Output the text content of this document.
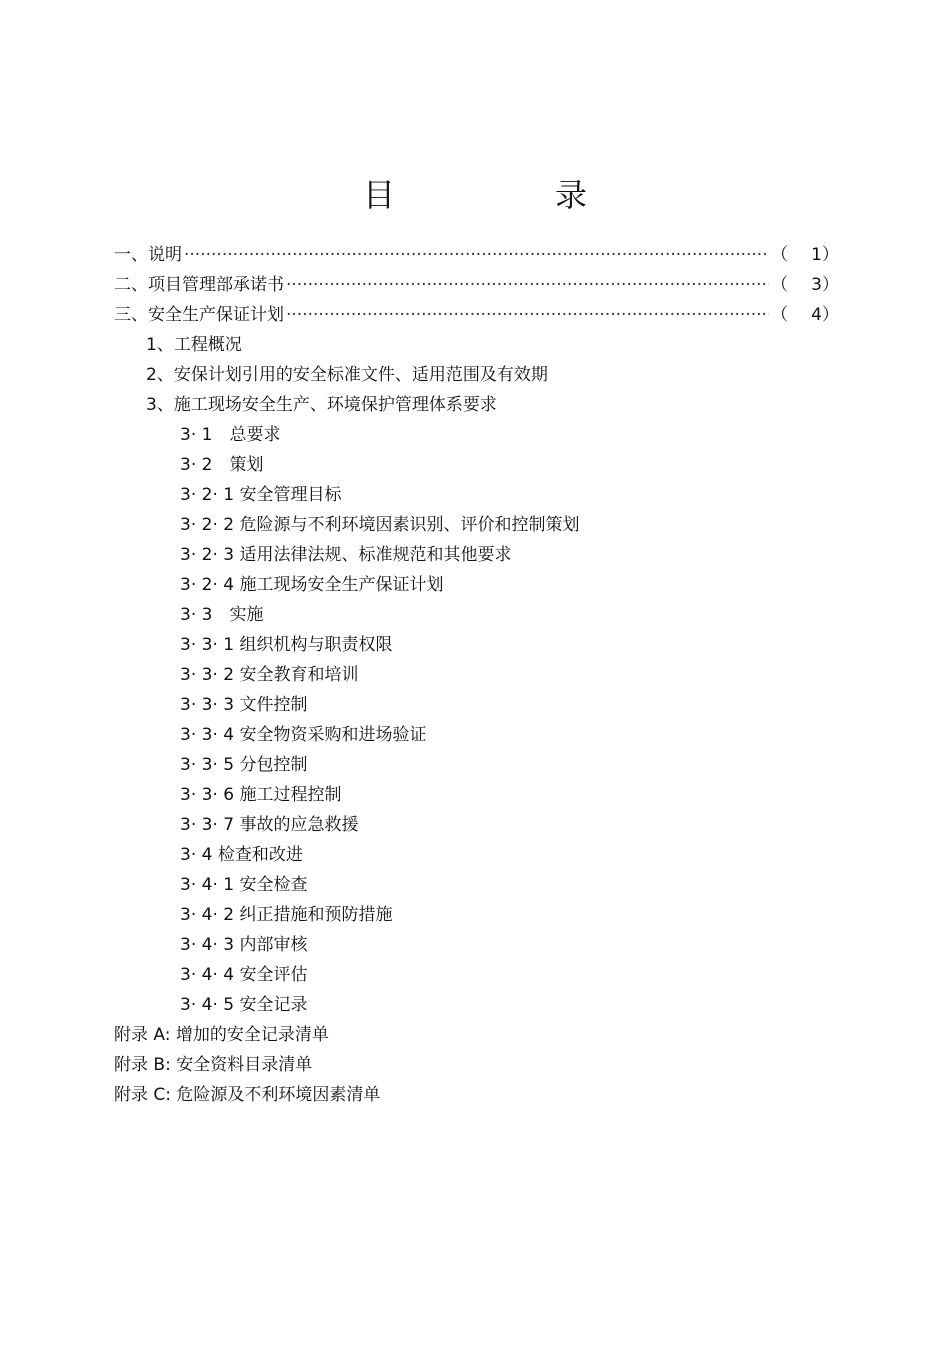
目　录
一、说明 ·····	（	1）
二、项目管理部承诺书 ·····	（	3）
三、安全生产保证计划 ·····	（	4）
1、工程概况
2、安保计划引用的安全标准文件、适用范围及有效期
3、施工现场安全生产、环境保护管理体系要求
3· 1　总要求
3· 2　策划
3· 2· 1 安全管理目标
3· 2· 2 危险源与不利环境因素识别、评价和控制策划
3· 2· 3 适用法律法规、标准规范和其他要求
3· 2· 4 施工现场安全生产保证计划
3· 3　实施
3· 3· 1 组织机构与职责权限
3· 3· 2 安全教育和培训
3· 3· 3 文件控制
3· 3· 4 安全物资采购和进场验证
3· 3· 5 分包控制
3· 3· 6 施工过程控制
3· 3· 7 事故的应急救援
3· 4 检查和改进
3· 4· 1 安全检查
3· 4· 2 纠正措施和预防措施
3· 4· 3 内部审核
3· 4· 4 安全评估
3· 4· 5 安全记录
附录 A: 增加的安全记录清单
附录 B: 安全资料目录清单
附录 C: 危险源及不利环境因素清单
